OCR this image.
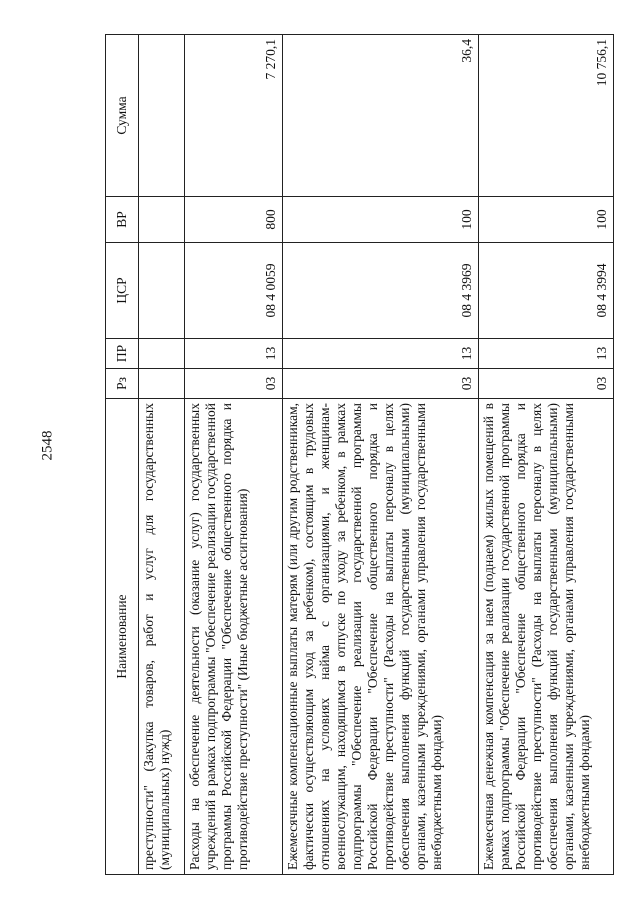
2548
Наименование	Рз	ПР	ЦСР	ВР	Сумма
преступности" (Закупка товаров, работ и услуг для государственных (муниципальных) нужд)					
Расходы на обеспечение деятельности (оказание услуг) государственных учреждений в рамках подпрограммы "Обеспечение реализации государственной программы Российской Федерации "Обеспечение общественного порядка и противодействие преступности" (Иные бюджетные ассигнования)	03	13	08 4 0059	800	7 270,1
Ежемесячные компенсационные выплаты матерям (или другим родственникам, фактически осуществляющим уход за ребенком), состоящим в трудовых отношениях на условиях найма с организациями, и женщинам-военнослужащим, находящимся в отпуске по уходу за ребенком, в рамках подпрограммы "Обеспечение реализации государственной программы Российской Федерации "Обеспечение общественного порядка и противодействие преступности" (Расходы на выплаты персоналу в целях обеспечения выполнения функций государственными (муниципальными) органами, казенными учреждениями, органами управления государственными внебюджетными фондами)	03	13	08 4 3969	100	36,4
Ежемесячная денежная компенсация за наем (поднаем) жилых помещений в рамках подпрограммы "Обеспечение реализации государственной программы Российской Федерации "Обеспечение общественного порядка и противодействие преступности" (Расходы на выплаты персоналу в целях обеспечения выполнения функций государственными (муниципальными) органами, казенными учреждениями, органами управления государственными внебюджетными фондами)	03	13	08 4 3994	100	10 756,1
